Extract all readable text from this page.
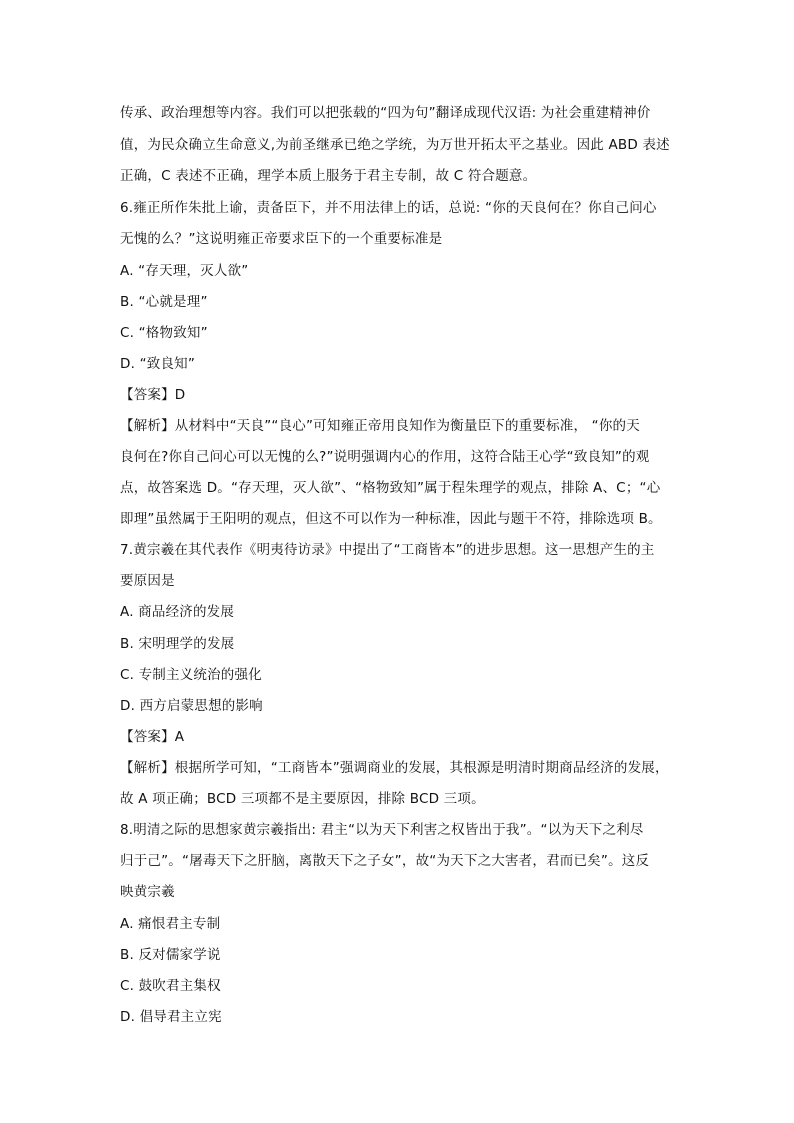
传承、政治理想等内容。我们可以把张载的“四为句”翻译成现代汉语: 为社会重建精神价
值，为民众确立生命意义,为前圣继承已绝之学统，为万世开拓太平之基业。因此 ABD 表述
正确，C 表述不正确，理学本质上服务于君主专制，故 C 符合题意。
6.雍正所作朱批上谕，责备臣下，并不用法律上的话，总说: “你的天良何在？你自己问心
无愧的么？”这说明雍正帝要求臣下的一个重要标准是
A. “存天理，灭人欲”
B. “心就是理”
C. “格物致知”
D. “致良知”
【答案】D
【解析】从材料中“天良”“良心”可知雍正帝用良知作为衡量臣下的重要标准， “你的天
良何在?你自己问心可以无愧的么?”说明强调内心的作用，这符合陆王心学“致良知”的观
点，故答案选 D。“存天理，灭人欲”、“格物致知”属于程朱理学的观点，排除 A、C；“心
即理”虽然属于王阳明的观点，但这不可以作为一种标准，因此与题干不符，排除选项 B。
7.黄宗羲在其代表作《明夷待访录》中提出了“工商皆本”的进步思想。这一思想产生的主
要原因是
A. 商品经济的发展
B. 宋明理学的发展
C. 专制主义统治的强化
D. 西方启蒙思想的影响
【答案】A
【解析】根据所学可知，“工商皆本”强调商业的发展，其根源是明清时期商品经济的发展，
故 A 项正确；BCD 三项都不是主要原因，排除 BCD 三项。
8.明清之际的思想家黄宗羲指出: 君主“以为天下利害之权皆出于我”。“以为天下之利尽
归于己”。“屠毒天下之肝脑，离散天下之子女”，故“为天下之大害者，君而已矣”。这反
映黄宗羲
A. 痛恨君主专制
B. 反对儒家学说
C. 鼓吹君主集权
D. 倡导君主立宪
